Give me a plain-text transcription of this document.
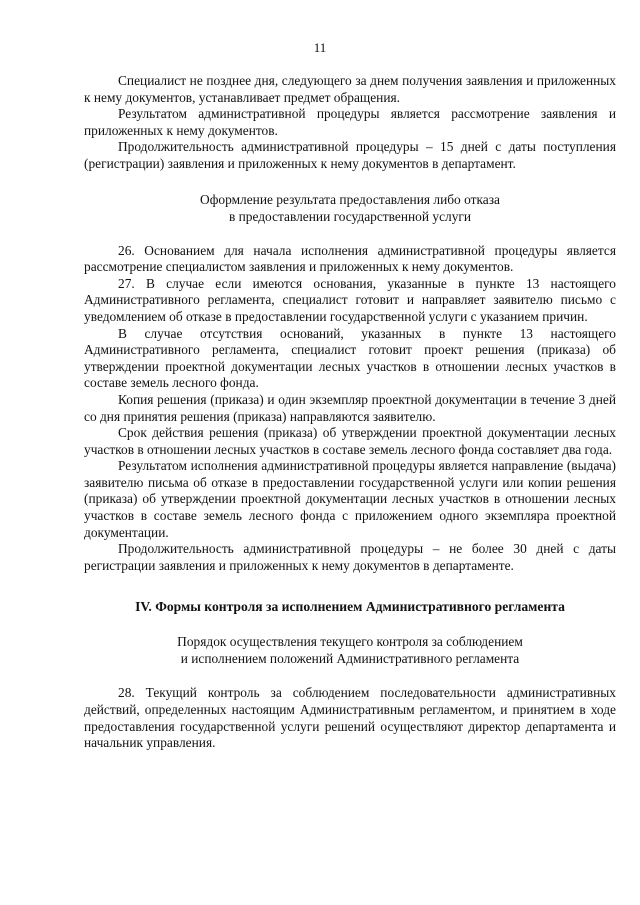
11

Специалист не позднее дня, следующего за днем получения заявления и приложенных к нему документов, устанавливает предмет обращения.

Результатом административной процедуры является рассмотрение заявления и приложенных к нему документов.

Продолжительность административной процедуры – 15 дней с даты поступления (регистрации) заявления и приложенных к нему документов в департамент.

Оформление результата предоставления либо отказа
в предоставлении государственной услуги

26. Основанием для начала исполнения административной процедуры является рассмотрение специалистом заявления и приложенных к нему документов.

27. В случае если имеются основания, указанные в пункте 13 настоящего Административного регламента, специалист готовит и направляет заявителю письмо с уведомлением об отказе в предоставлении государственной услуги с указанием причин.

В случае отсутствия оснований, указанных в пункте 13 настоящего Административного регламента, специалист готовит проект решения (приказа) об утверждении проектной документации лесных участков в отношении лесных участков в составе земель лесного фонда.

Копия решения (приказа) и один экземпляр проектной документации в течение 3 дней со дня принятия решения (приказа) направляются заявителю.

Срок действия решения (приказа) об утверждении проектной документации лесных участков в отношении лесных участков в составе земель лесного фонда составляет два года.

Результатом исполнения административной процедуры является направление (выдача) заявителю письма об отказе в предоставлении государственной услуги или копии решения (приказа) об утверждении проектной документации лесных участков в отношении лесных участков в составе земель лесного фонда с приложением одного экземпляра проектной документации.

Продолжительность административной процедуры – не более 30 дней с даты регистрации заявления и приложенных к нему документов в департаменте.

IV. Формы контроля за исполнением Административного регламента
Порядок осуществления текущего контроля за соблюдением
и исполнением положений Административного регламента

28. Текущий контроль за соблюдением последовательности административных действий, определенных настоящим Административным регламентом, и принятием в ходе предоставления государственной услуги решений осуществляют директор департамента и начальник управления.
